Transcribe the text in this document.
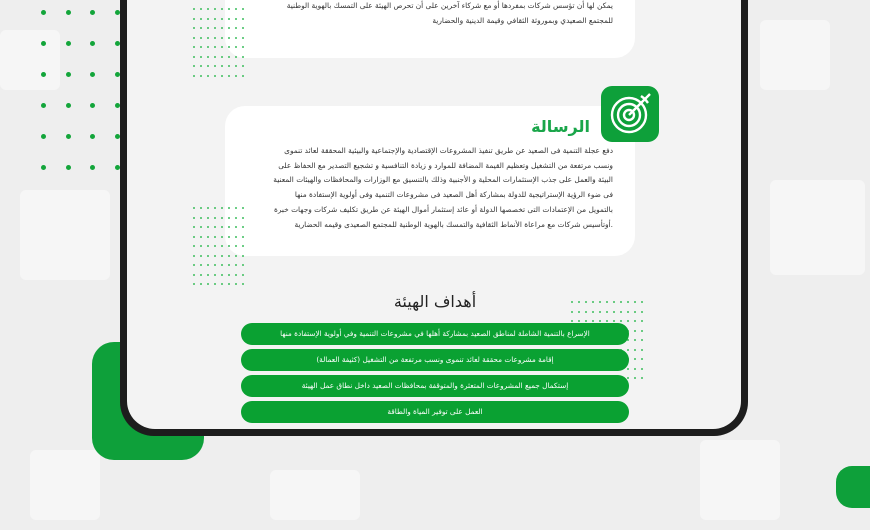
يمكن لها أن تؤسس شركات بمفردها أو مع شركاء آخرين على أن تحرص الهيئة على التمسك بالهوية الوطنية
للمجتمع الصعيدي وبموروثة الثقافي وقيمة الدينية والحضارية
الرسالة
دفع عجلة التنمية فى الصعيد عن طريق تنفيذ المشروعات الإقتصادية والإجتماعية والبيئية المحققة لعائد تنموى
ونسب مرتفعة من التشغيل وتعظيم القيمة المضافة للموارد و زيادة التنافسية و تشجيع التصدير مع الحفاظ على
البيئة والعمل على جذب الإستثمارات المحلية و الأجنبية وذلك بالتنسيق مع الوزارات والمحافظات والهيئات المعنية
فى ضوء الرؤية الإستراتيجية للدولة بمشاركة أهل الصعيد فى مشروعات التنمية وفى أولوية الإستفادة منها
بالتمويل من الإعتمادات التى تخصصها الدولة أو عائد إستثمار أموال الهيئة عن طريق تكليف شركات وجهات خبرة
.أوتأسيس شركات مع مراعاة الأنماط الثقافية والتمسك بالهوية الوطنية للمجتمع الصعيدى وقيمه الحضارية
أهداف الهيئة
الإسراع بالتنمية الشاملة لمناطق الصعيد بمشاركة أهلها في مشروعات التنمية وفي أولوية الإستفادة منها
إقامة مشروعات محققة لعائد تنموى ونسب مرتفعة من التشغيل (كثيفة العمالة)
إستكمال جميع المشروعات المتعثرة والمتوقفة بمحافظات الصعيد داخل نطاق عمل الهيئة
العمل على توفير المياة والطاقة
